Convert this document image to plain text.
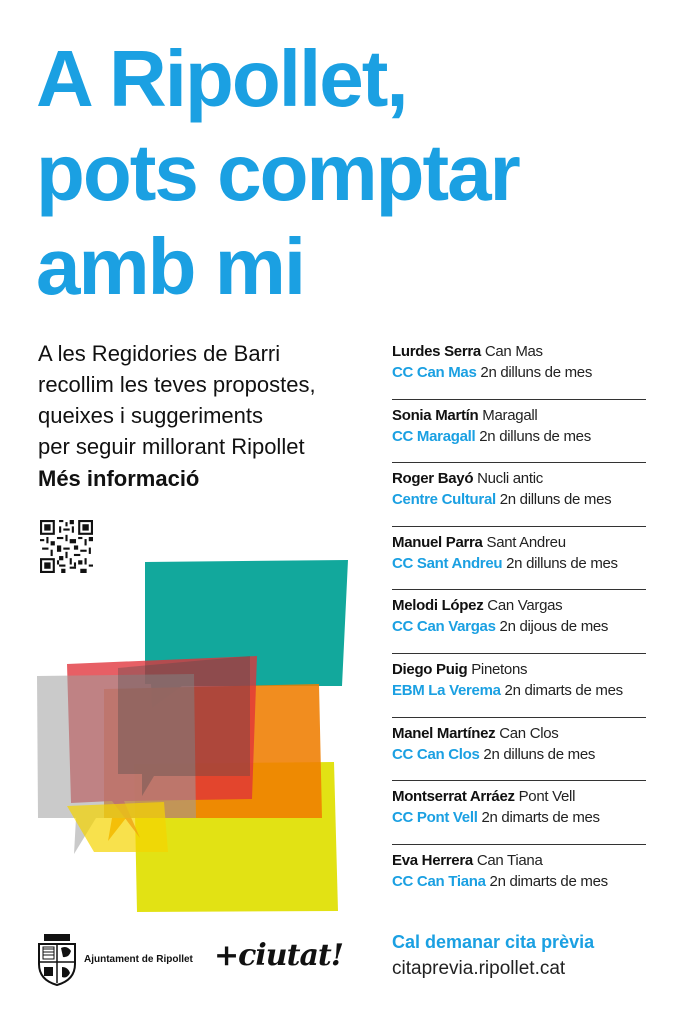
A Ripollet,
pots comptar
amb mi
A les Regidories de Barri
recollim les teves propostes,
queixes i suggeriments
per seguir millorant Ripollet
Més informació
Lurdes Serra Can Mas
CC Can Mas 2n dilluns de mes
Sonia Martín Maragall
CC Maragall 2n dilluns de mes
Roger Bayó Nucli antic
Centre Cultural 2n dilluns de mes
Manuel Parra Sant Andreu
CC Sant Andreu 2n dilluns de mes
Melodi López Can Vargas
CC Can Vargas 2n dijous de mes
Diego Puig Pinetons
EBM La Verema 2n dimarts de mes
Manel Martínez Can Clos
CC Can Clos 2n dilluns de mes
Montserrat Arráez Pont Vell
CC Pont Vell 2n dimarts de mes
Eva Herrera Can Tiana
CC Can Tiana 2n dimarts de mes
Cal demanar cita prèvia
citaprevia.ripollet.cat
Ajuntament de Ripollet +ciutat!
